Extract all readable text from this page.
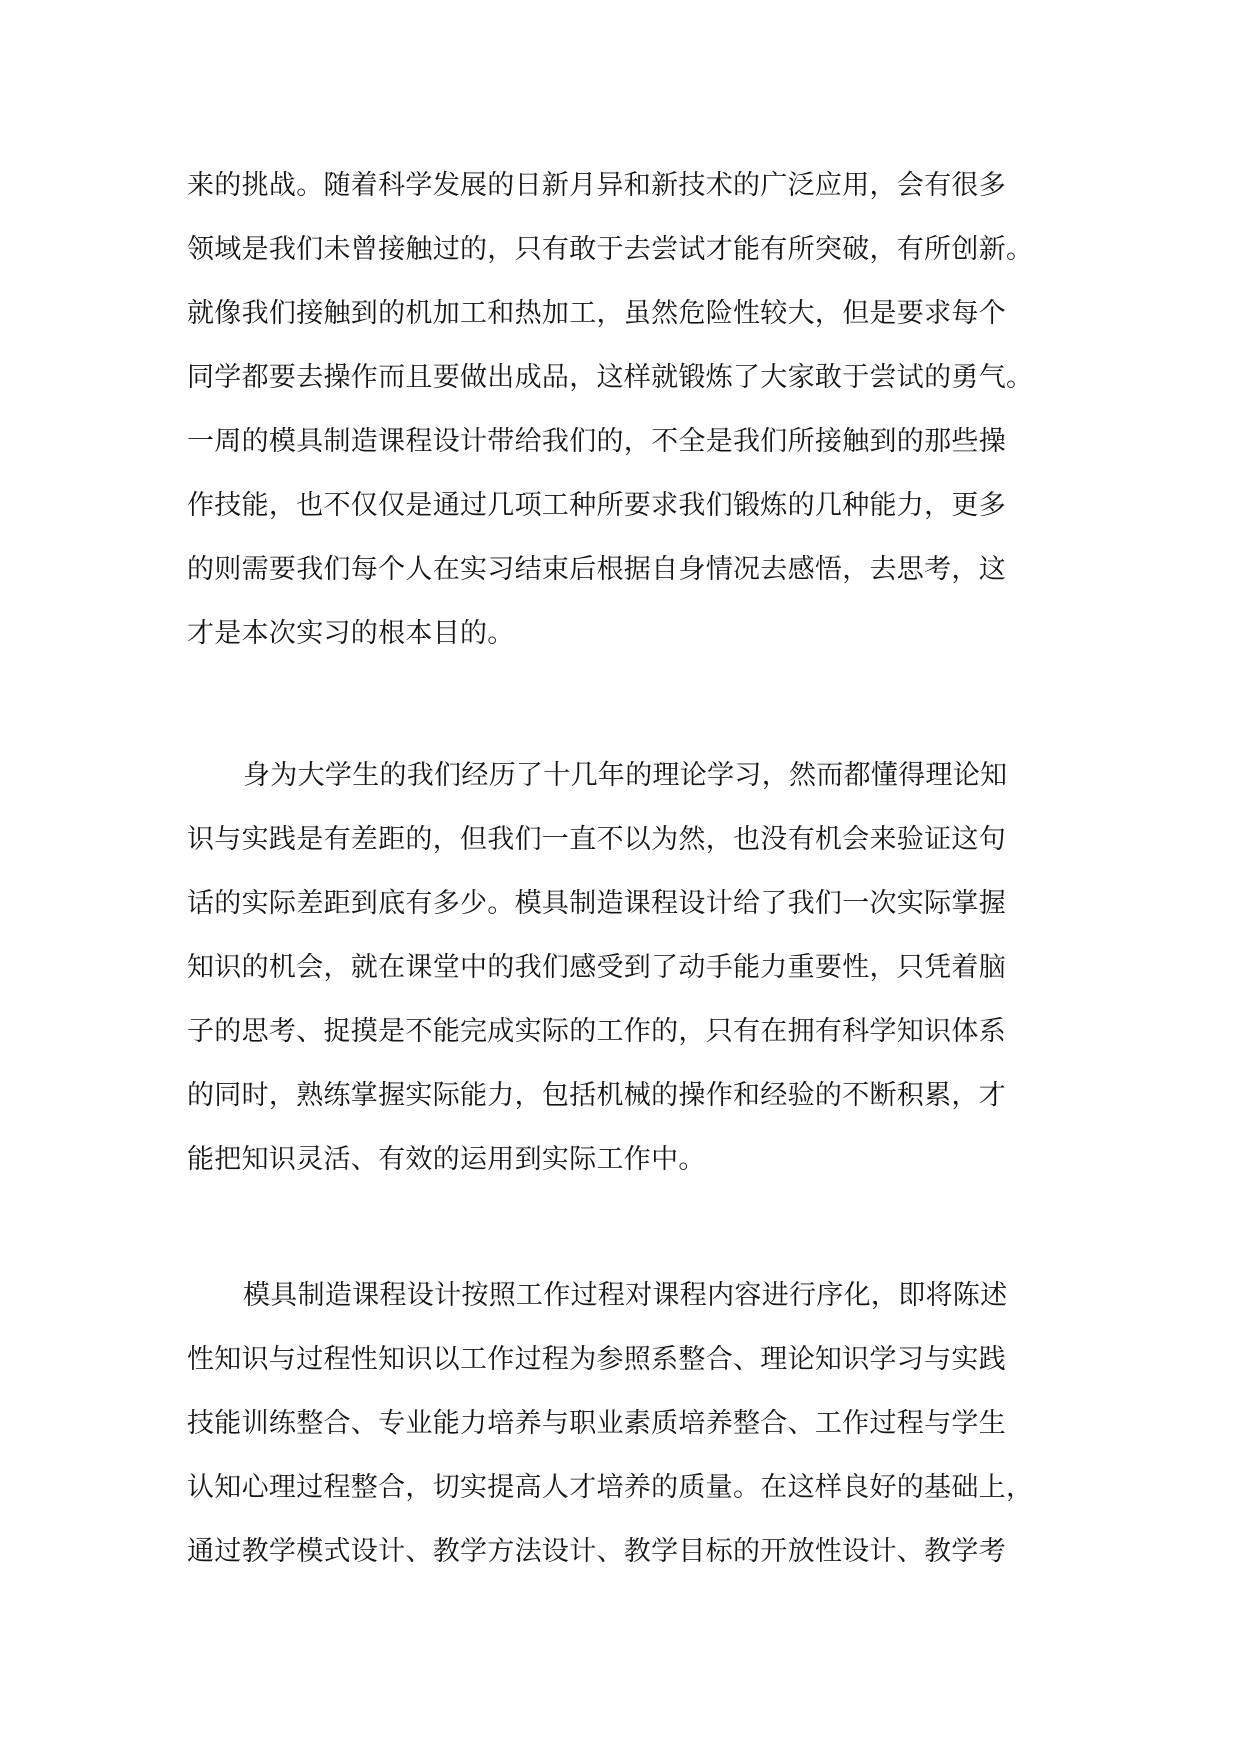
来的挑战。随着科学发展的日新月异和新技术的广泛应用，会有很多
领域是我们未曾接触过的，只有敢于去尝试才能有所突破，有所创新。
就像我们接触到的机加工和热加工，虽然危险性较大，但是要求每个
同学都要去操作而且要做出成品，这样就锻炼了大家敢于尝试的勇气。
一周的模具制造课程设计带给我们的，不全是我们所接触到的那些操
作技能，也不仅仅是通过几项工种所要求我们锻炼的几种能力，更多
的则需要我们每个人在实习结束后根据自身情况去感悟，去思考，这
才是本次实习的根本目的。
身为大学生的我们经历了十几年的理论学习，然而都懂得理论知
识与实践是有差距的，但我们一直不以为然，也没有机会来验证这句
话的实际差距到底有多少。模具制造课程设计给了我们一次实际掌握
知识的机会，就在课堂中的我们感受到了动手能力重要性，只凭着脑
子的思考、捉摸是不能完成实际的工作的，只有在拥有科学知识体系
的同时，熟练掌握实际能力，包括机械的操作和经验的不断积累，才
能把知识灵活、有效的运用到实际工作中。
模具制造课程设计按照工作过程对课程内容进行序化，即将陈述
性知识与过程性知识以工作过程为参照系整合、理论知识学习与实践
技能训练整合、专业能力培养与职业素质培养整合、工作过程与学生
认知心理过程整合，切实提高人才培养的质量。在这样良好的基础上，
通过教学模式设计、教学方法设计、教学目标的开放性设计、教学考
